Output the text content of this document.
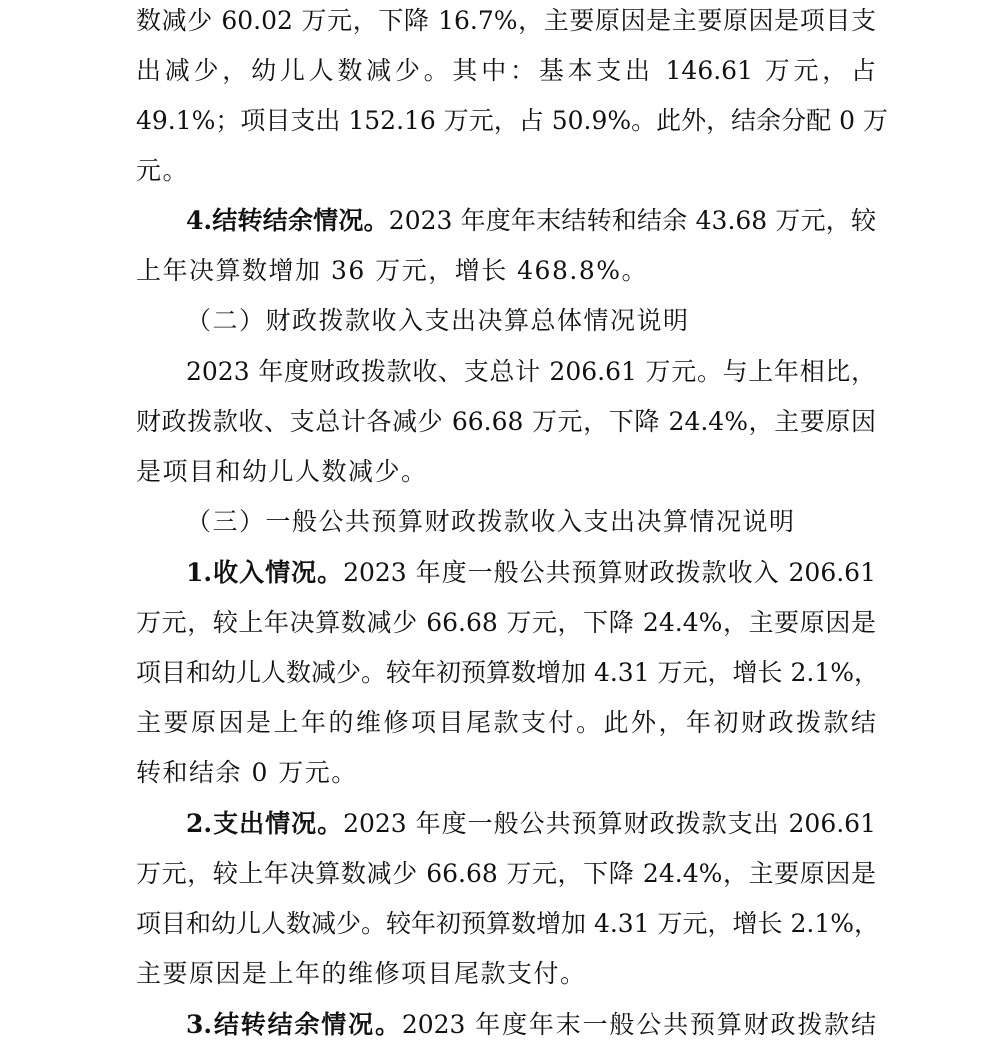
数减少 60.02 万元，下降 16.7%，主要原因是主要原因是项目支
出减少，幼儿人数减少。其中：基本支出 146.61 万元，占
49.1%；项目支出 152.16 万元，占 50.9%。此外，结余分配 0 万
元。
4.结转结余情况。2023 年度年末结转和结余 43.68 万元，较
上年决算数增加 36 万元，增长 468.8%。
（二）财政拨款收入支出决算总体情况说明
2023 年度财政拨款收、支总计 206.61 万元。与上年相比，
财政拨款收、支总计各减少 66.68 万元，下降 24.4%，主要原因
是项目和幼儿人数减少。
（三）一般公共预算财政拨款收入支出决算情况说明
1.收入情况。2023 年度一般公共预算财政拨款收入 206.61
万元，较上年决算数减少 66.68 万元，下降 24.4%，主要原因是
项目和幼儿人数减少。较年初预算数增加 4.31 万元，增长 2.1%，
主要原因是上年的维修项目尾款支付。此外，年初财政拨款结
转和结余 0 万元。
2.支出情况。2023 年度一般公共预算财政拨款支出 206.61
万元，较上年决算数减少 66.68 万元，下降 24.4%，主要原因是
项目和幼儿人数减少。较年初预算数增加 4.31 万元，增长 2.1%，
主要原因是上年的维修项目尾款支付。
3.结转结余情况。2023 年度年末一般公共预算财政拨款结
